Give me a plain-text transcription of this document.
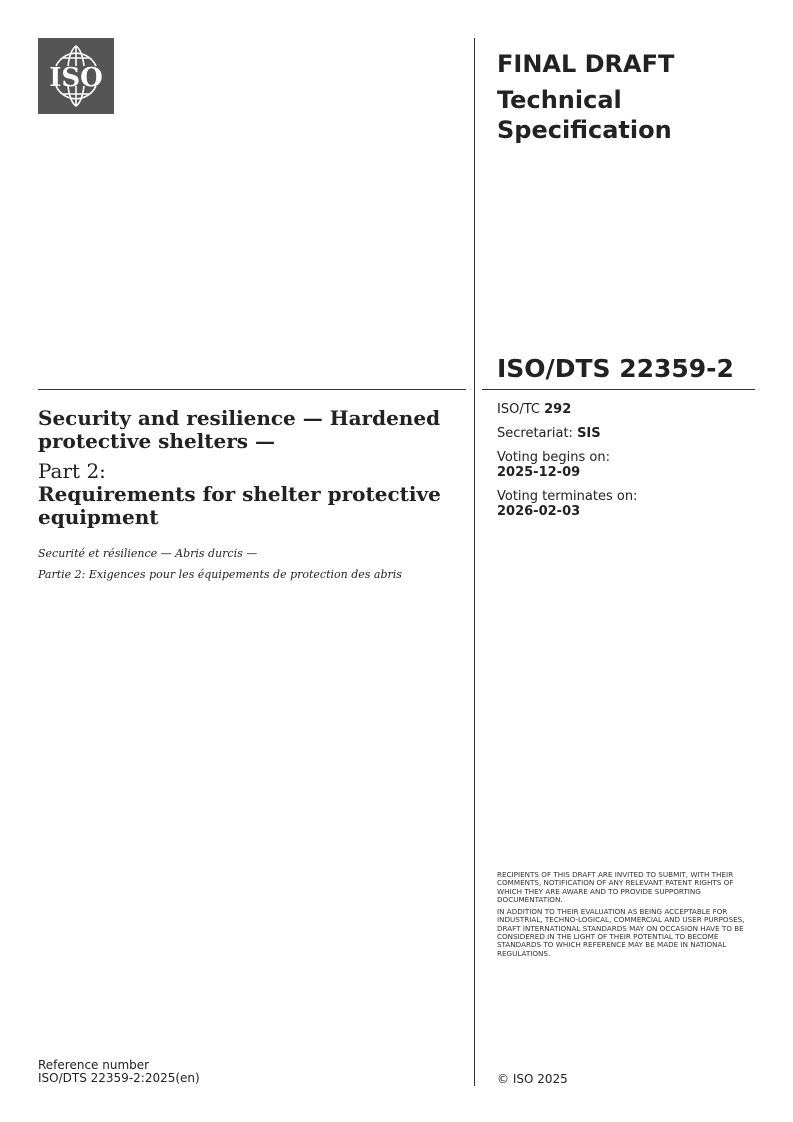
ISO	FINAL DRAFT
Technical
Specification
ISO/DTS 22359-2
ISO/TC 292
Secretariat: SIS
Voting begins on:
2025-12-09
Voting terminates on:
2026-02-03
Security and resilience — Hardened protective shelters —
Part 2:
Requirements for shelter protective equipment
Securité et résilience — Abris durcis —
Partie 2: Exigences pour les équipements de protection des abris
RECIPIENTS OF THIS DRAFT ARE INVITED TO SUBMIT, WITH THEIR COMMENTS, NOTIFICATION OF ANY RELEVANT PATENT RIGHTS OF WHICH THEY ARE AWARE AND TO PROVIDE SUPPORTING DOCUMENTATION.
IN ADDITION TO THEIR EVALUATION AS BEING ACCEPTABLE FOR INDUSTRIAL, TECHNO-LOGICAL, COMMERCIAL AND USER PURPOSES, DRAFT INTERNATIONAL STANDARDS MAY ON OCCASION HAVE TO BE CONSIDERED IN THE LIGHT OF THEIR POTENTIAL TO BECOME STANDARDS TO WHICH REFERENCE MAY BE MADE IN NATIONAL REGULATIONS.
Reference number
ISO/DTS 22359-2:2025(en)	© ISO 2025
